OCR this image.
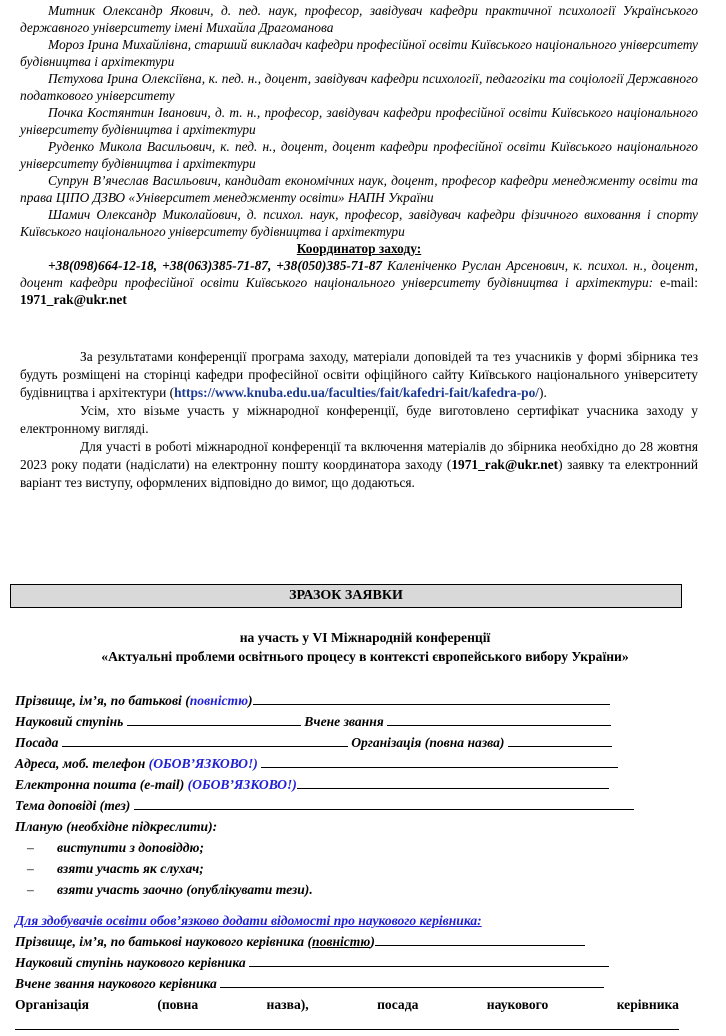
Митник Олександр Якович, д. пед. наук, професор, завідувач кафедри практичної психології Українського державного університету імені Михайла Драгоманова

Мороз Ірина Михайлівна, старший викладач кафедри професійної освіти Київського національного університету будівництва і архітектури

Пєтухова Ірина Олексіївна, к. пед. н., доцент, завідувач кафедри психології, педагогіки та соціології Державного податкового університету

Почка Костянтин Іванович, д. т. н., професор, завідувач кафедри професійної освіти Київського національного університету будівництва і архітектури

Руденко Микола Васильович, к. пед. н., доцент, доцент кафедри професійної освіти Київського національного університету будівництва і архітектури

Супрун В’ячеслав Васильович, кандидат економічних наук, доцент, професор кафедри менеджменту освіти та права ЦІПО ДЗВО «Університет менеджменту освіти» НАПН України

Шамич Олександр Миколайович, д. психол. наук, професор, завідувач кафедри фізичного виховання і спорту Київського національного університету будівництва і архітектури

Координатор заходу:

+38(098)664-12-18, +38(063)385-71-87, +38(050)385-71-87 Каленіченко Руслан Арсенович, к. психол. н., доцент, доцент кафедри професійної освіти Київського національного університету будівництва і архітектури: e-mail: 1971_rak@ukr.net

За результатами конференції програма заходу, матеріали доповідей та тез учасників у формі збірника тез будуть розміщені на сторінці кафедри професійної освіти офіційного сайту Київського національного університету будівництва і архітектури (https://www.knuba.edu.ua/faculties/fait/kafedri-fait/kafedra-po/).

Усім, хто візьме участь у міжнародної конференції, буде виготовлено сертифікат учасника заходу у електронному вигляді.

Для участі в роботі міжнародної конференції та включення матеріалів до збірника необхідно до 28 жовтня 2023 року подати (надіслати) на електронну пошту координатора заходу (1971_rak@ukr.net) заявку та електронний варіант тез виступу, оформлених відповідно до вимог, що додаються.

ЗРАЗОК ЗАЯВКИ
на участь у VІ Міжнародній конференції
«Актуальні проблеми освітнього процесу в контексті європейського вибору України»
Прізвище, ім’я, по батькові (повністю)
Науковий ступінь	Вчене звання
Посада	Організація (повна назва)
Адреса, моб. телефон (ОБОВ’ЯЗКОВО!)
Електронна пошта (e-mail) (ОБОВ’ЯЗКОВО!)
Тема доповіді (тез)
Планую (необхідне підкреслити):
– виступити з доповіддю;
– взяти участь як слухач;
– взяти участь заочно (опублікувати тези).
Для здобувачів освіти обов’язково додати відомості про наукового керівника:
Прізвище, ім’я, по батькові наукового керівника (повністю)
Науковий ступінь наукового керівника
Вчене звання наукового керівника
Організація	(повна	назва),	посада	наукового	керівника
